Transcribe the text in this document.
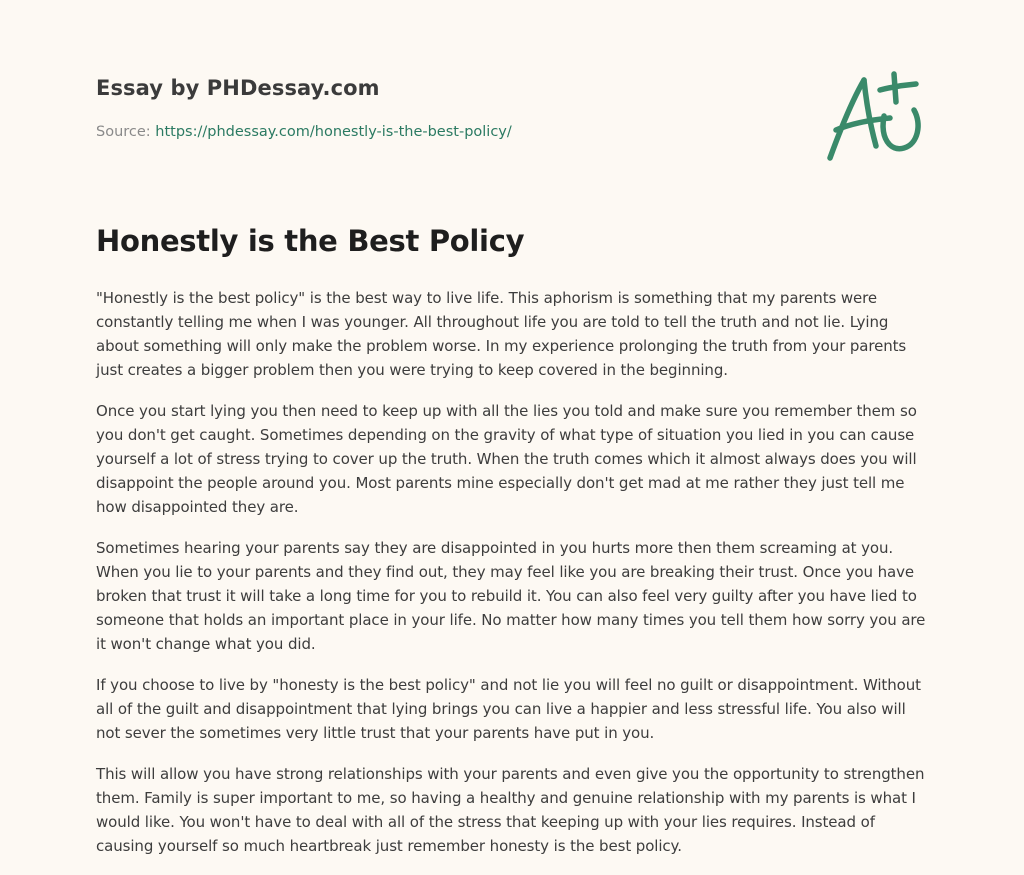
Essay by PHDessay.com

Source: https://phdessay.com/honestly-is-the-best-policy/

Honestly is the Best Policy

"Honestly is the best policy" is the best way to live life. This aphorism is something that my parents were constantly telling me when I was younger. All throughout life you are told to tell the truth and not lie. Lying about something will only make the problem worse. In my experience prolonging the truth from your parents just creates a bigger problem then you were trying to keep covered in the beginning.

Once you start lying you then need to keep up with all the lies you told and make sure you remember them so you don't get caught. Sometimes depending on the gravity of what type of situation you lied in you can cause yourself a lot of stress trying to cover up the truth. When the truth comes which it almost always does you will disappoint the people around you. Most parents mine especially don't get mad at me rather they just tell me how disappointed they are.

Sometimes hearing your parents say they are disappointed in you hurts more then them screaming at you. When you lie to your parents and they find out, they may feel like you are breaking their trust. Once you have broken that trust it will take a long time for you to rebuild it. You can also feel very guilty after you have lied to someone that holds an important place in your life. No matter how many times you tell them how sorry you are it won't change what you did.

If you choose to live by "honesty is the best policy" and not lie you will feel no guilt or disappointment. Without all of the guilt and disappointment that lying brings you can live a happier and less stressful life. You also will not sever the sometimes very little trust that your parents have put in you.

This will allow you have strong relationships with your parents and even give you the opportunity to strengthen them. Family is super important to me, so having a healthy and genuine relationship with my parents is what I would like. You won't have to deal with all of the stress that keeping up with your lies requires. Instead of causing yourself so much heartbreak just remember honesty is the best policy.
